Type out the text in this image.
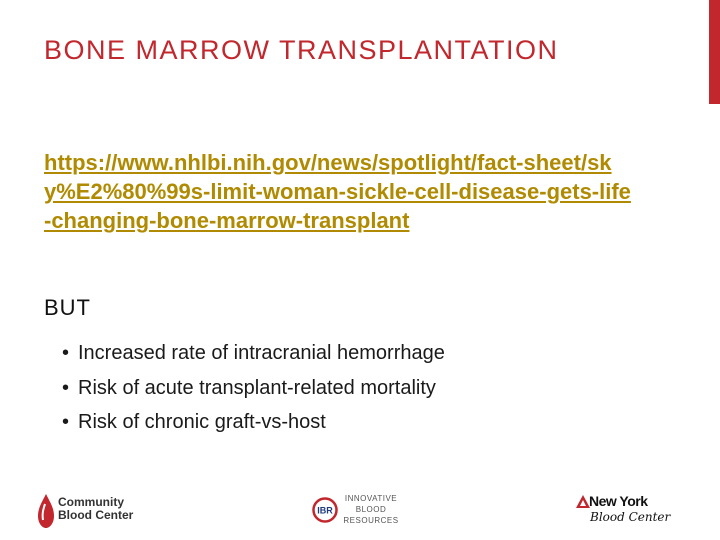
BONE MARROW TRANSPLANTATION
https://www.nhlbi.nih.gov/news/spotlight/fact-sheet/sky%E2%80%99s-limit-woman-sickle-cell-disease-gets-life-changing-bone-marrow-transplant
BUT
• Increased rate of intracranial hemorrhage
• Risk of acute transplant-related mortality
• Risk of chronic graft-vs-host
Community
Blood Center	IBR
INNOVATIVE
BLOOD
RESOURCES
New York
Blood Center
